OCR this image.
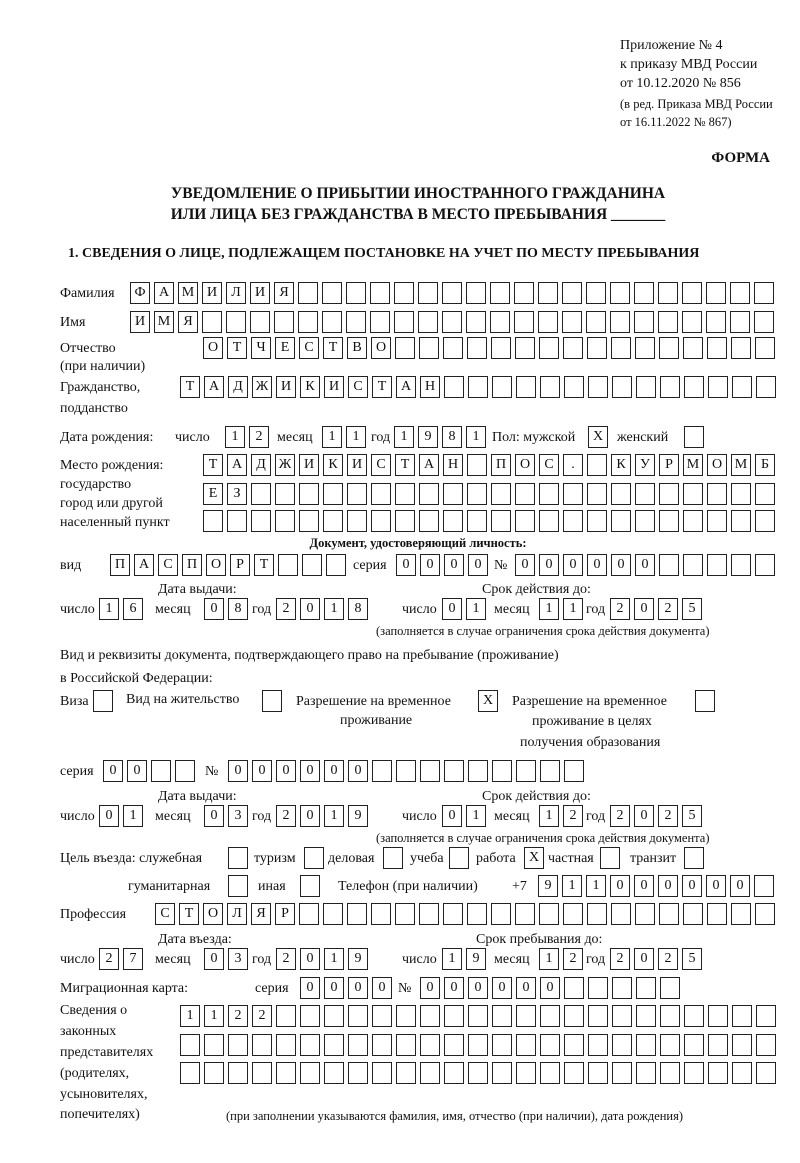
Приложение № 4
к приказу МВД России
от 10.12.2020 № 856
(в ред. Приказа МВД России
от 16.11.2022 № 867)
ФОРМА
УВЕДОМЛЕНИЕ О ПРИБЫТИИ ИНОСТРАННОГО ГРАЖДАНИНА
ИЛИ ЛИЦА БЕЗ ГРАЖДАНСТВА В МЕСТО ПРЕБЫВАНИЯ _______
1. СВЕДЕНИЯ О ЛИЦЕ, ПОДЛЕЖАЩЕМ ПОСТАНОВКЕ НА УЧЕТ ПО МЕСТУ ПРЕБЫВАНИЯ
Фамилия	Ф А М И	Л	И	Я
Имя	И М Я
Отчество
(при наличии)
О	Т	Ч	Е	С	Т	В	О
Гражданство,
подданство
Т	А	Д Ж И	К	И	С	Т	А Н
Дата рождения: число	1	2	месяц	1	1 год 1	9	8	1 Пол: мужской	X женский
Место рождения:
государство
город или другой
населенный пункт
Т	А	Д Ж И	К	И	С	Т	А Н	П О	С	.	К	У	Р М О М Б
Е	З
Документ, удостоверяющий личность:
вид	П А	С	П О	Р	Т	серия	0	0	0	0 №	0	0	0	0	0	0
Дата выдачи:	Срок действия до:
число 1	6	месяц	0	8 год 2	0	1	8	число 0	1	месяц	1	1 год 2	0	2	5
(заполняется в случае ограничения срока действия документа)
Вид и реквизиты документа, подтверждающего право на пребывание (проживание)
в Российской Федерации:
Виза	Вид на жительство	Разрешение на временное
проживание
X	Разрешение на временное
проживание в целях
получения образования
серия	0	0	№	0	0	0	0	0	0
Дата выдачи:	Срок действия до:
число 0	1	месяц	0	3 год 2	0	1	9	число 0	1	месяц	1	2 год 2	0	2	5
(заполняется в случае ограничения срока действия документа)
Цель въезда: служебная	туризм деловая	учеба работа X частная	транзит
гуманитарная	иная	Телефон (при наличии) +7	9	1	1	0	0	0	0	0	0
Профессия	С	Т	О	Л	Я	Р
Дата въезда:	Срок пребывания до:
число 2	7	месяц	0	3 год 2	0	1	9	число 1	9	месяц	1	2 год 2	0	2	5
Миграционная карта:	серия	0	0	0	0 №	0	0	0	0	0	0
Сведения о
законных
представителях
(родителях,
усыновителях,
попечителях)
1	1	2	2
(при заполнении указываются фамилия, имя, отчество (при наличии), дата рождения)
